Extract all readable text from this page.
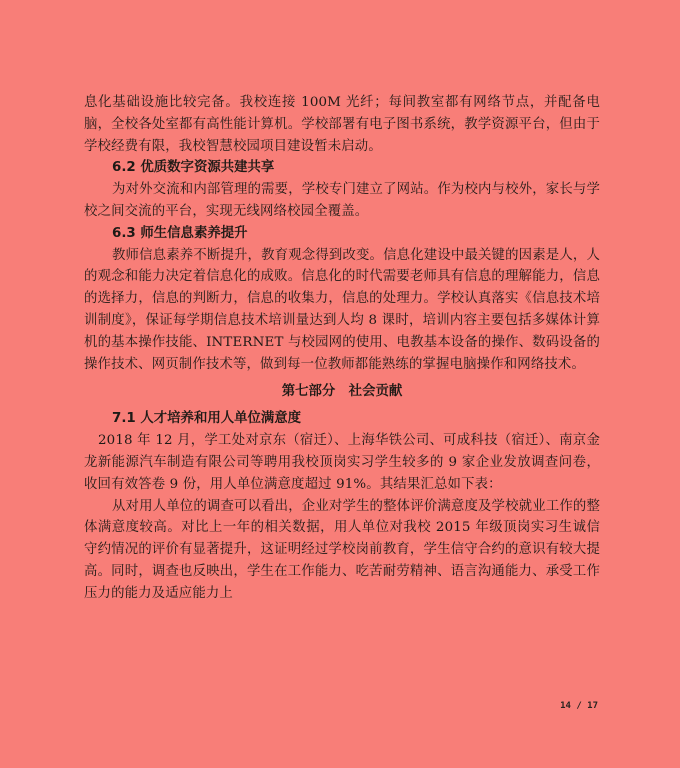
息化基础设施比较完备。我校连接 100M 光纤；每间教室都有网络节点，并配备电脑，全校各处室都有高性能计算机。学校部署有电子图书系统，教学资源平台，但由于学校经费有限，我校智慧校园项目建设暂未启动。

6.2 优质数字资源共建共享

为对外交流和内部管理的需要，学校专门建立了网站。作为校内与校外，家长与学校之间交流的平台，实现无线网络校园全覆盖。

6.3 师生信息素养提升

教师信息素养不断提升，教育观念得到改变。信息化建设中最关键的因素是人，人的观念和能力决定着信息化的成败。信息化的时代需要老师具有信息的理解能力，信息的选择力，信息的判断力，信息的收集力，信息的处理力。学校认真落实《信息技术培训制度》，保证每学期信息技术培训量达到人均 8 课时，培训内容主要包括多媒体计算机的基本操作技能、INTERNET 与校园网的使用、电教基本设备的操作、数码设备的操作技术、网页制作技术等，做到每一位教师都能熟练的掌握电脑操作和网络技术。

第七部分　社会贡献

7.1 人才培养和用人单位满意度

2018 年 12 月，学工处对京东（宿迁）、上海华铁公司、可成科技（宿迁）、南京金龙新能源汽车制造有限公司等聘用我校顶岗实习学生较多的 9 家企业发放调查问卷，收回有效答卷 9 份，用人单位满意度超过 91%。其结果汇总如下表：

从对用人单位的调查可以看出，企业对学生的整体评价满意度及学校就业工作的整体满意度较高。对比上一年的相关数据，用人单位对我校 2015 年级顶岗实习生诚信守约情况的评价有显著提升，这证明经过学校岗前教育，学生信守合约的意识有较大提高。同时，调查也反映出，学生在工作能力、吃苦耐劳精神、语言沟通能力、承受工作压力的能力及适应能力上

14 / 17
